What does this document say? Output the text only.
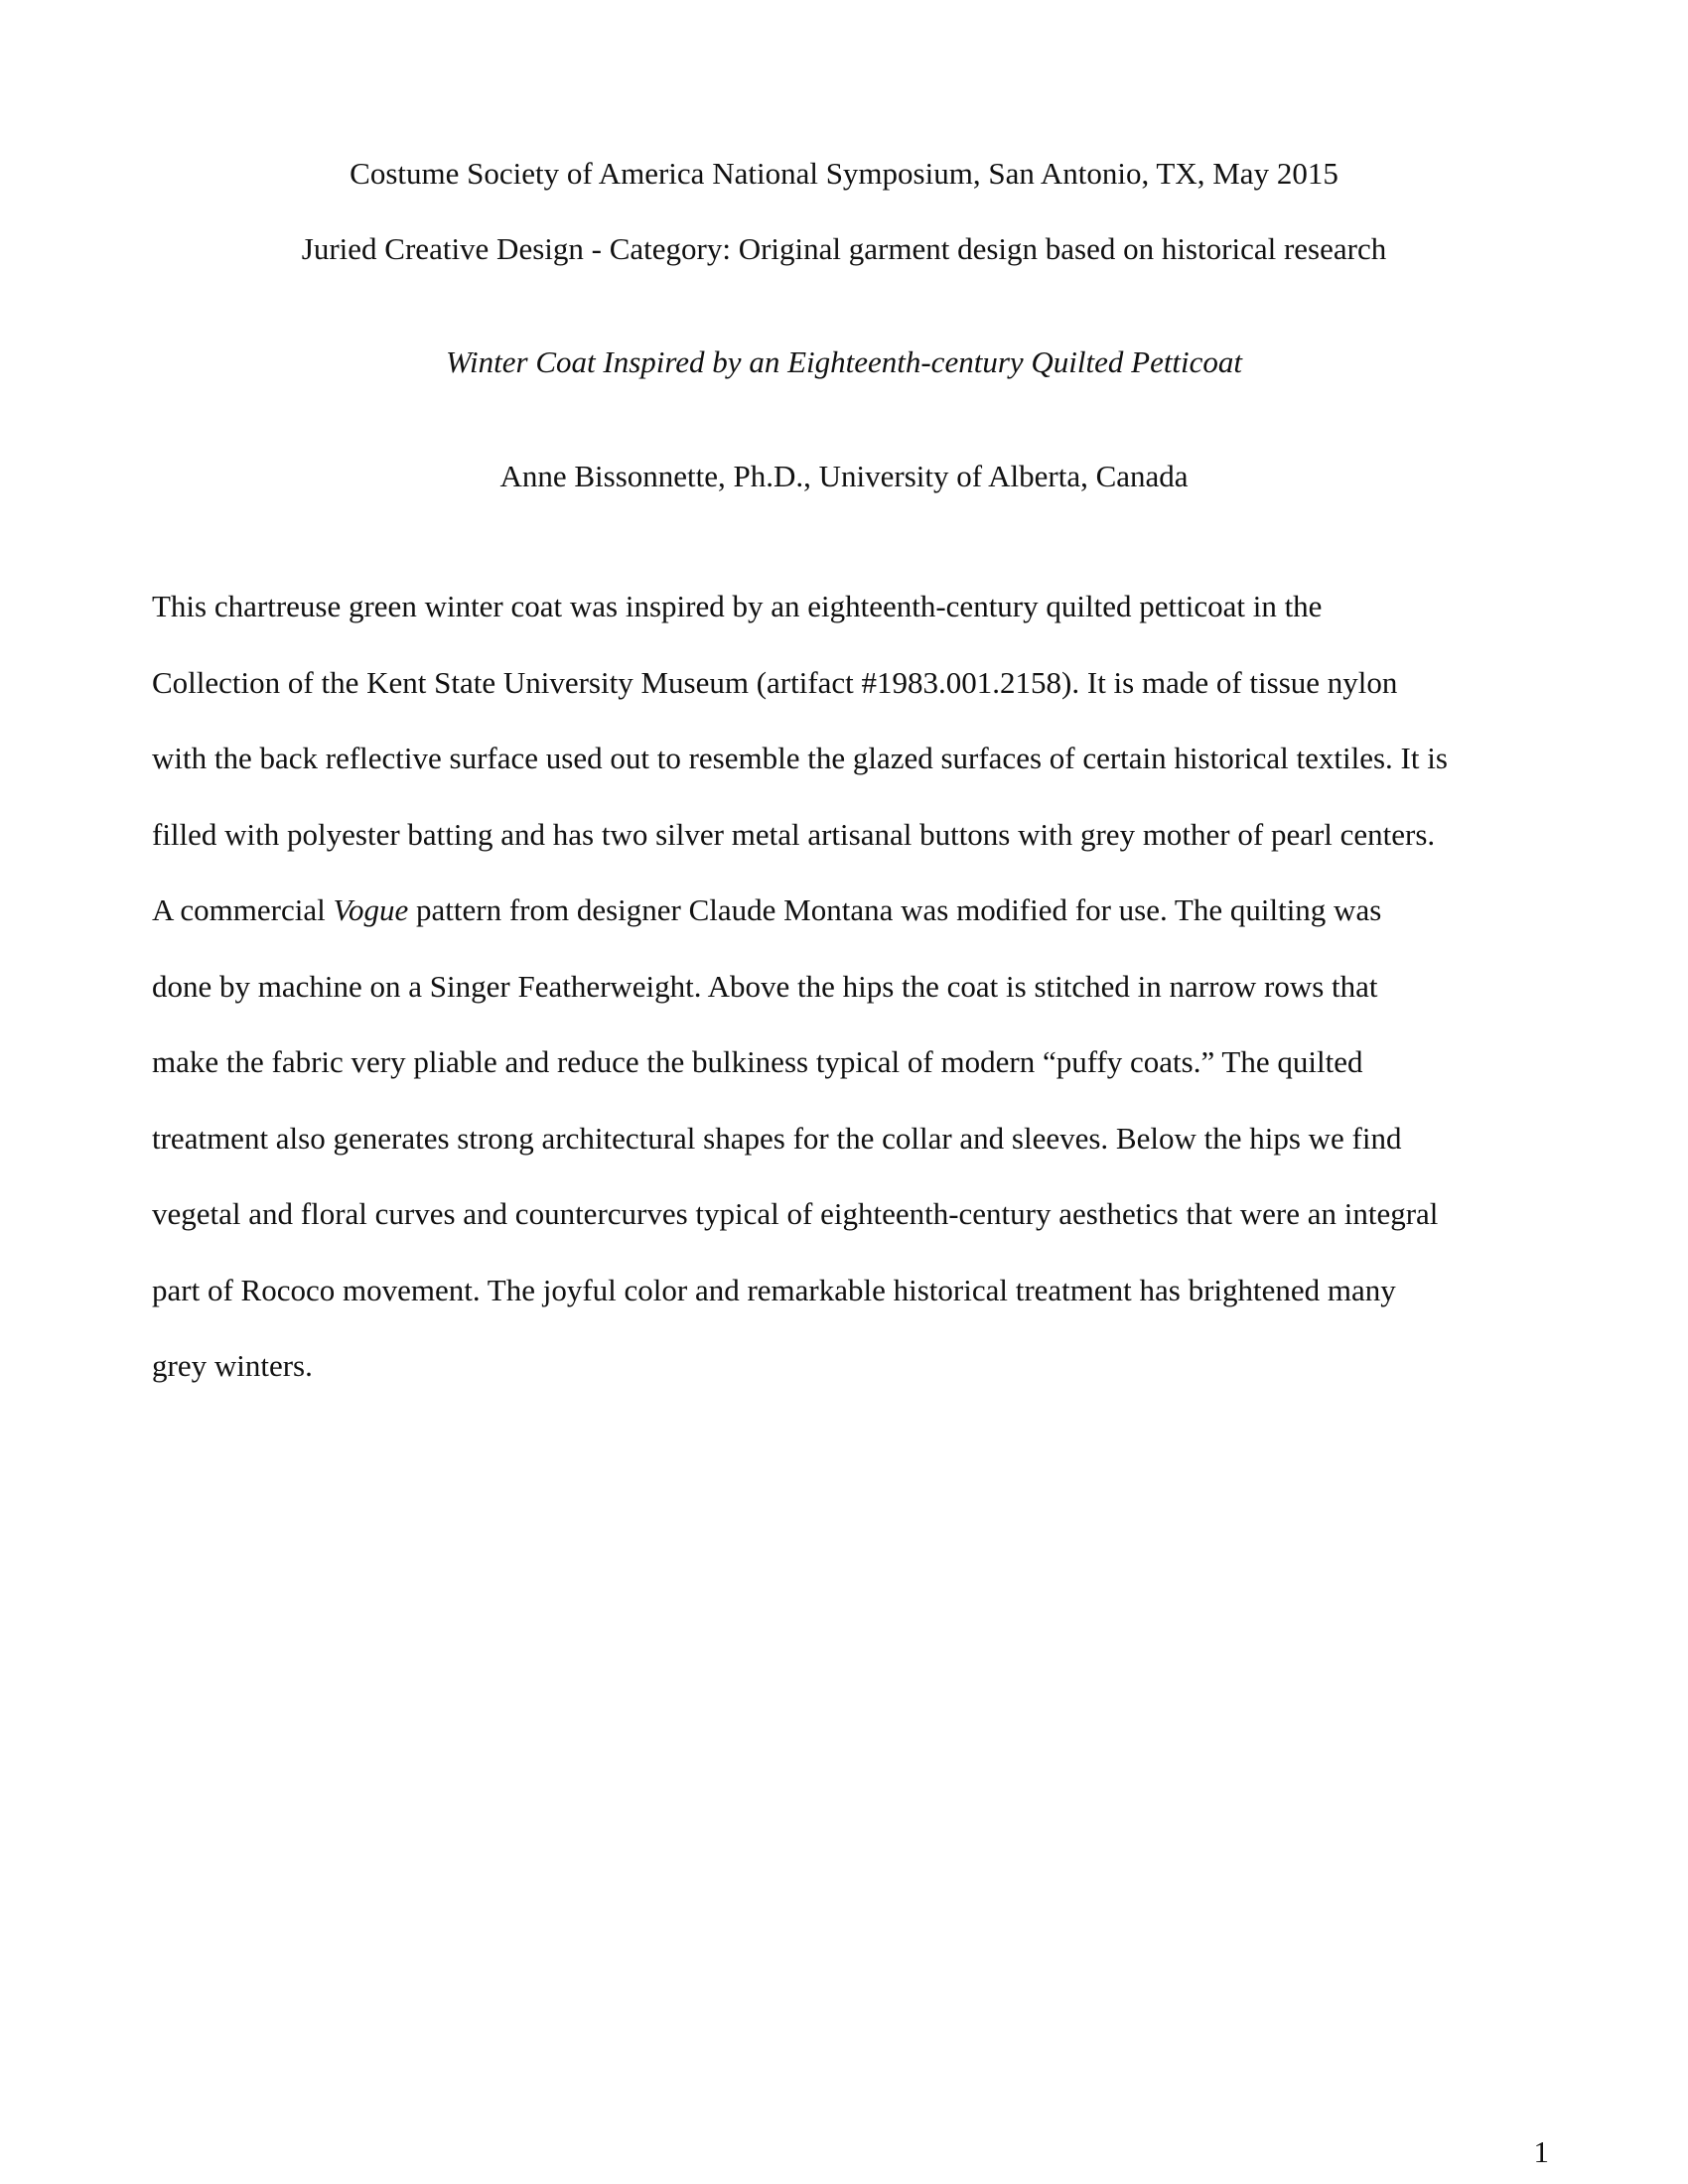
Costume Society of America National Symposium, San Antonio, TX, May 2015
Juried Creative Design - Category: Original garment design based on historical research
Winter Coat Inspired by an Eighteenth-century Quilted Petticoat
Anne Bissonnette, Ph.D., University of Alberta, Canada
This chartreuse green winter coat was inspired by an eighteenth-century quilted petticoat in the
Collection of the Kent State University Museum (artifact #1983.001.2158). It is made of tissue nylon
with the back reflective surface used out to resemble the glazed surfaces of certain historical textiles. It is
filled with polyester batting and has two silver metal artisanal buttons with grey mother of pearl centers.
A commercial Vogue pattern from designer Claude Montana was modified for use. The quilting was
done by machine on a Singer Featherweight. Above the hips the coat is stitched in narrow rows that
make the fabric very pliable and reduce the bulkiness typical of modern “puffy coats.” The quilted
treatment also generates strong architectural shapes for the collar and sleeves. Below the hips we find
vegetal and floral curves and countercurves typical of eighteenth-century aesthetics that were an integral
part of Rococo movement. The joyful color and remarkable historical treatment has brightened many
grey winters.
1
